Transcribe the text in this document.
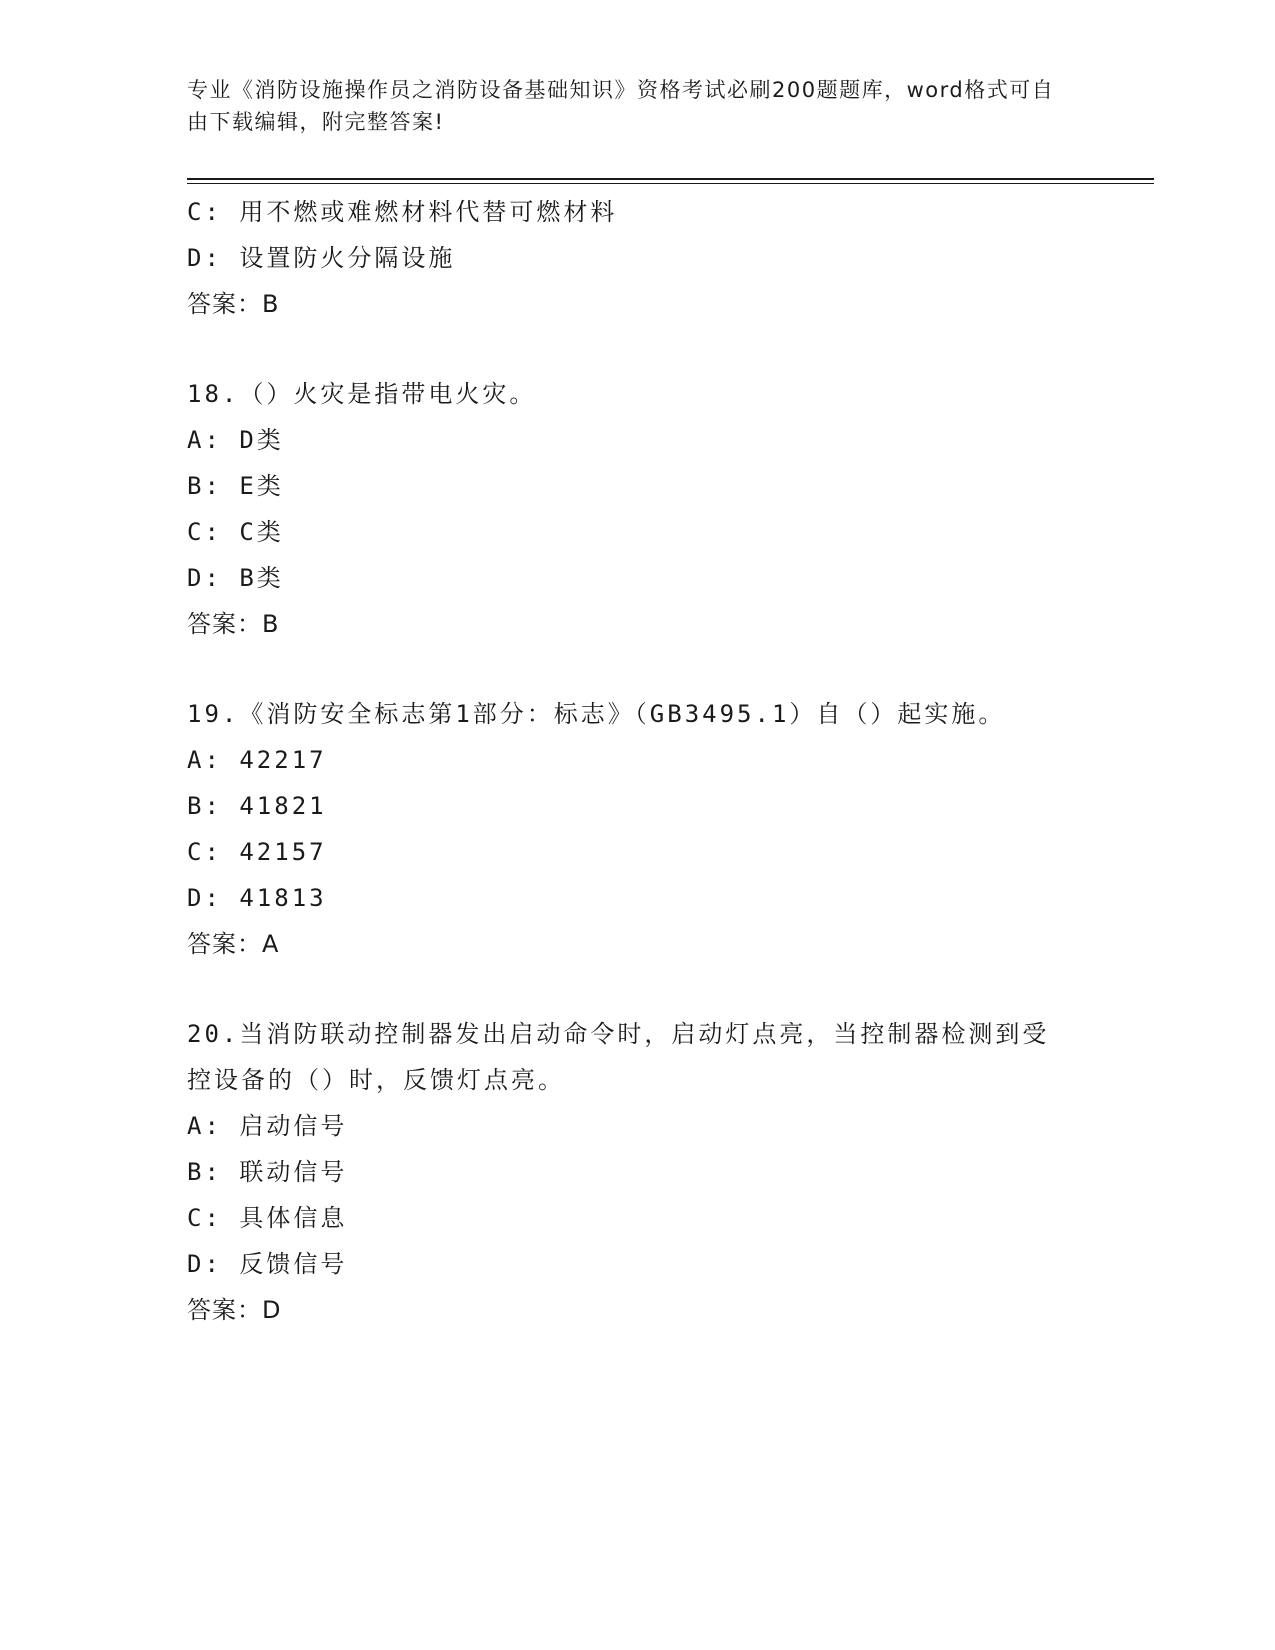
专业《消防设施操作员之消防设备基础知识》资格考试必刷200题题库，word格式可自由下载编辑，附完整答案!
C: 用不燃或难燃材料代替可燃材料
D: 设置防火分隔设施
答案：B
18.（）火灾是指带电火灾。
A: D类
B: E类
C: C类
D: B类
答案：B
19.《消防安全标志第1部分：标志》（GB3495.1）自（）起实施。
A: 42217
B: 41821
C: 42157
D: 41813
答案：A
20.当消防联动控制器发出启动命令时，启动灯点亮，当控制器检测到受控设备的（）时，反馈灯点亮。
A: 启动信号
B: 联动信号
C: 具体信息
D: 反馈信号
答案：D
